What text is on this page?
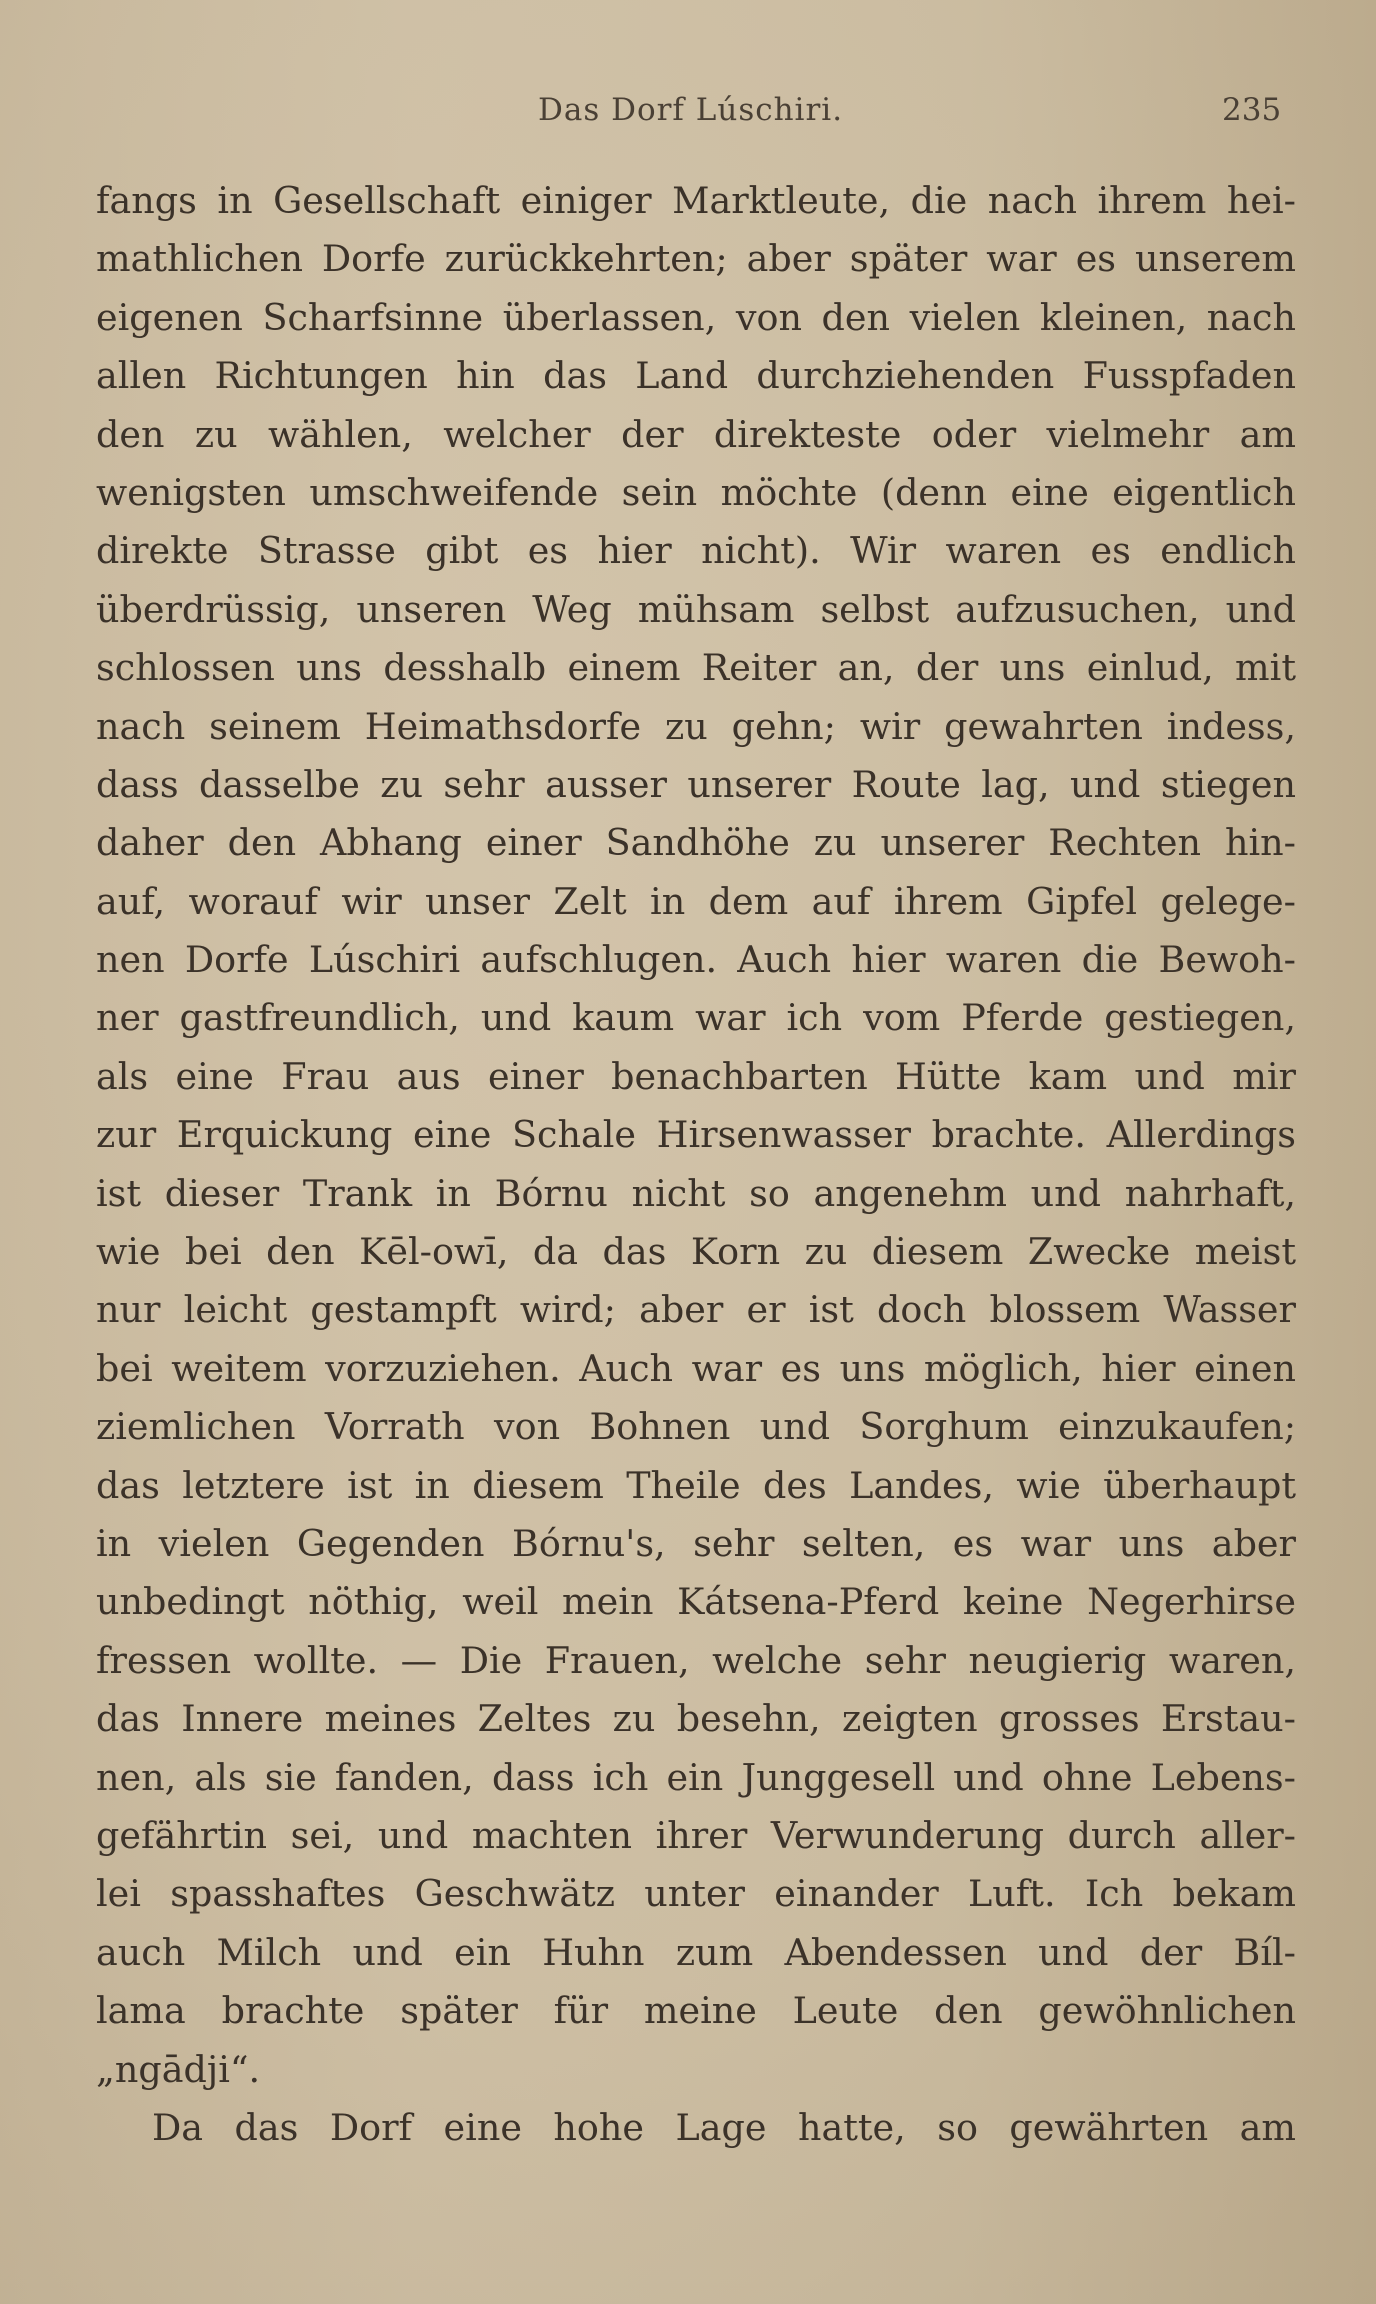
Das Dorf Lúschiri.	235
fangs in Gesellschaft einiger Marktleute, die nach ihrem hei-
mathlichen Dorfe zurückkehrten; aber später war es unserem
eigenen Scharfsinne überlassen, von den vielen kleinen, nach
allen Richtungen hin das Land durchziehenden Fusspfaden
den zu wählen, welcher der direkteste oder vielmehr am
wenigsten umschweifende sein möchte (denn eine eigentlich
direkte Strasse gibt es hier nicht). Wir waren es endlich
überdrüssig, unseren Weg mühsam selbst aufzusuchen, und
schlossen uns desshalb einem Reiter an, der uns einlud, mit
nach seinem Heimathsdorfe zu gehn; wir gewahrten indess,
dass dasselbe zu sehr ausser unserer Route lag, und stiegen
daher den Abhang einer Sandhöhe zu unserer Rechten hin-
auf, worauf wir unser Zelt in dem auf ihrem Gipfel gelege-
nen Dorfe Lúschiri aufschlugen. Auch hier waren die Bewoh-
ner gastfreundlich, und kaum war ich vom Pferde gestiegen,
als eine Frau aus einer benachbarten Hütte kam und mir
zur Erquickung eine Schale Hirsenwasser brachte. Allerdings
ist dieser Trank in Bórnu nicht so angenehm und nahrhaft,
wie bei den Kēl-owī, da das Korn zu diesem Zwecke meist
nur leicht gestampft wird; aber er ist doch blossem Wasser
bei weitem vorzuziehen. Auch war es uns möglich, hier einen
ziemlichen Vorrath von Bohnen und Sorghum einzukaufen;
das letztere ist in diesem Theile des Landes, wie überhaupt
in vielen Gegenden Bórnu's, sehr selten, es war uns aber
unbedingt nöthig, weil mein Kátsena-Pferd keine Negerhirse
fressen wollte. — Die Frauen, welche sehr neugierig waren,
das Innere meines Zeltes zu besehn, zeigten grosses Erstau-
nen, als sie fanden, dass ich ein Junggesell und ohne Lebens-
gefährtin sei, und machten ihrer Verwunderung durch aller-
lei spasshaftes Geschwätz unter einander Luft. Ich bekam
auch Milch und ein Huhn zum Abendessen und der Bíl-
lama brachte später für meine Leute den gewöhnlichen
„ngādji“.
Da das Dorf eine hohe Lage hatte, so gewährten am
